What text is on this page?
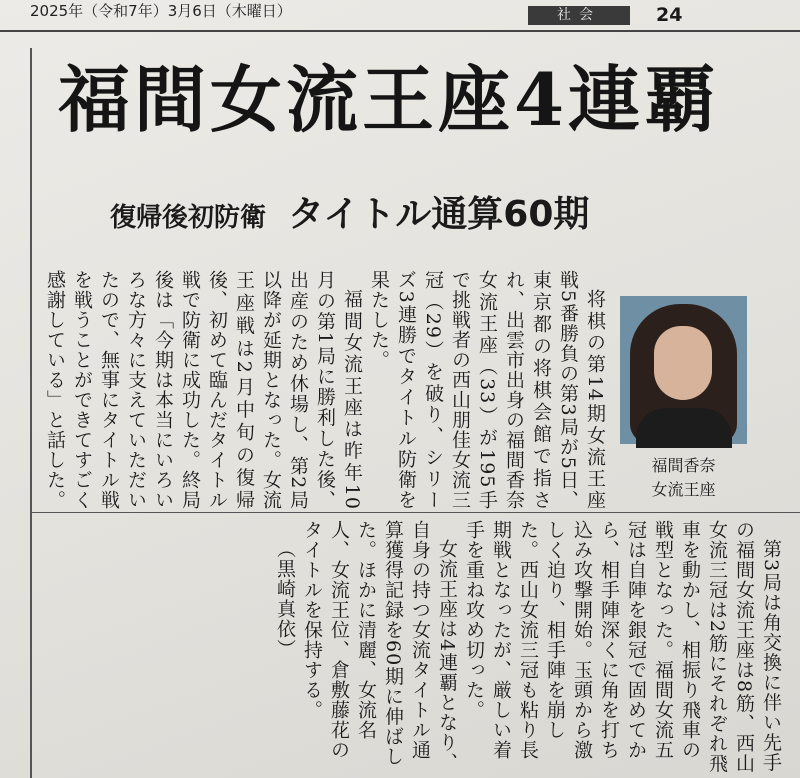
2025年（令和7年）3月6日（木曜日）	社会	24
福間女流王座4連覇
復帰後初防衛 タイトル通算60期

将棋の第14期女流王座戦5番勝負の第3局が5日、東京都の将棋会館で指され、出雲市出身の福間香奈女流王座（33）が195手で挑戦者の西山朋佳女流三冠（29）を破り、シリーズ3連勝でタイトル防衛を果たした。

福間女流王座は昨年10月の第1局に勝利した後、出産のため休場し、第2局以降が延期となった。女流王座戦は2月中旬の復帰後、初めて臨んだタイトル戦で防衛に成功した。終局後は「今期は本当にいろいろな方々に支えていただいたので、無事にタイトル戦を戦うことができてすごく感謝している」と話した。	福間香奈
女流王座

第3局は角交換に伴い先手の福間女流王座は8筋、西山女流三冠は2筋にそれぞれ飛車を動かし、相振り飛車の戦型となった。福間女流五冠は自陣を銀冠で固めてから、相手陣深くに角を打ち込み攻撃開始。玉頭から激しく迫り、相手陣を崩した。西山女流三冠も粘り長期戦となったが、厳しい着手を重ね攻め切った。

女流王座は4連覇となり、自身の持つ女流タイトル通算獲得記録を60期に伸ばした。ほかに清麗、女流名人、女流王位、倉敷藤花のタイトルを保持する。

（黒崎真依）
